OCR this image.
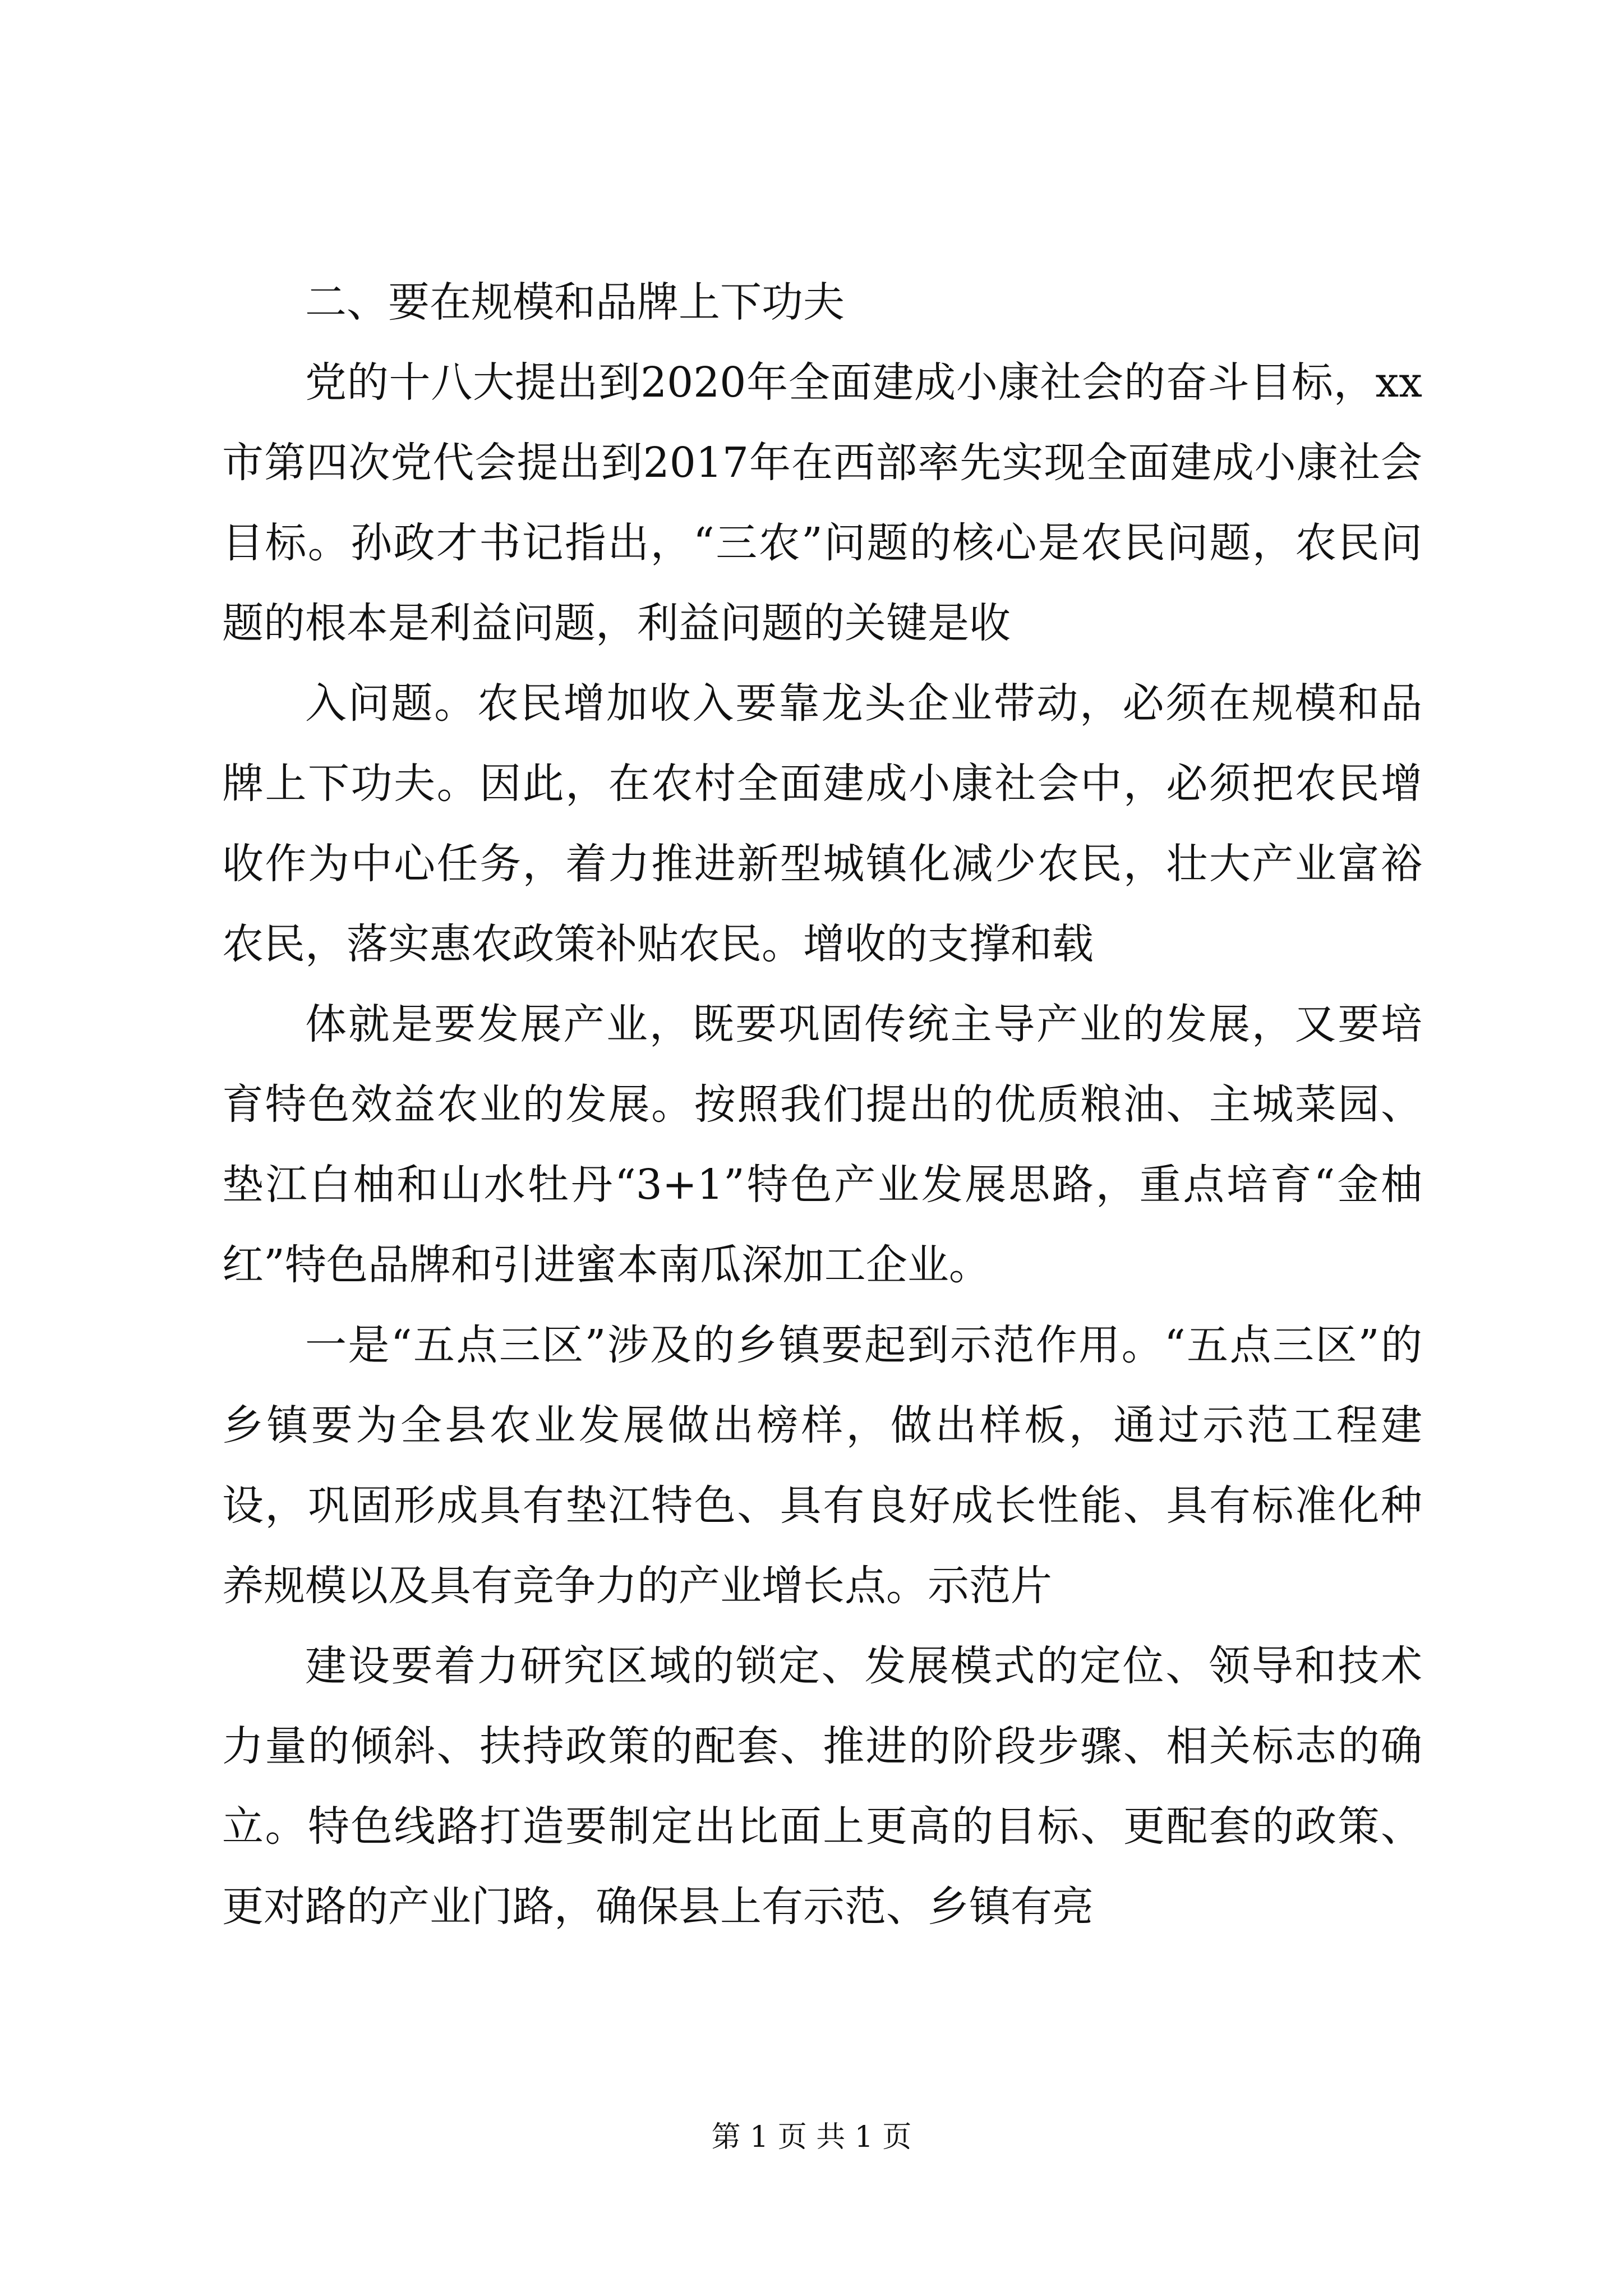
二、要在规模和品牌上下功夫

党的十八大提出到2020年全面建成小康社会的奋斗目标，xx市第四次党代会提出到2017年在西部率先实现全面建成小康社会目标。孙政才书记指出，“三农”问题的核心是农民问题，农民问题的根本是利益问题，利益问题的关键是收

入问题。农民增加收入要靠龙头企业带动，必须在规模和品牌上下功夫。因此，在农村全面建成小康社会中，必须把农民增收作为中心任务，着力推进新型城镇化减少农民，壮大产业富裕农民，落实惠农政策补贴农民。增收的支撑和载

体就是要发展产业，既要巩固传统主导产业的发展，又要培育特色效益农业的发展。按照我们提出的优质粮油、主城菜园、垫江白柚和山水牡丹“3+1”特色产业发展思路，重点培育“金柚红”特色品牌和引进蜜本南瓜深加工企业。

一是“五点三区”涉及的乡镇要起到示范作用。“五点三区”的乡镇要为全县农业发展做出榜样，做出样板，通过示范工程建设，巩固形成具有垫江特色、具有良好成长性能、具有标准化种养规模以及具有竞争力的产业增长点。示范片

建设要着力研究区域的锁定、发展模式的定位、领导和技术力量的倾斜、扶持政策的配套、推进的阶段步骤、相关标志的确立。特色线路打造要制定出比面上更高的目标、更配套的政策、更对路的产业门路，确保县上有示范、乡镇有亮

第 1 页 共 1 页
